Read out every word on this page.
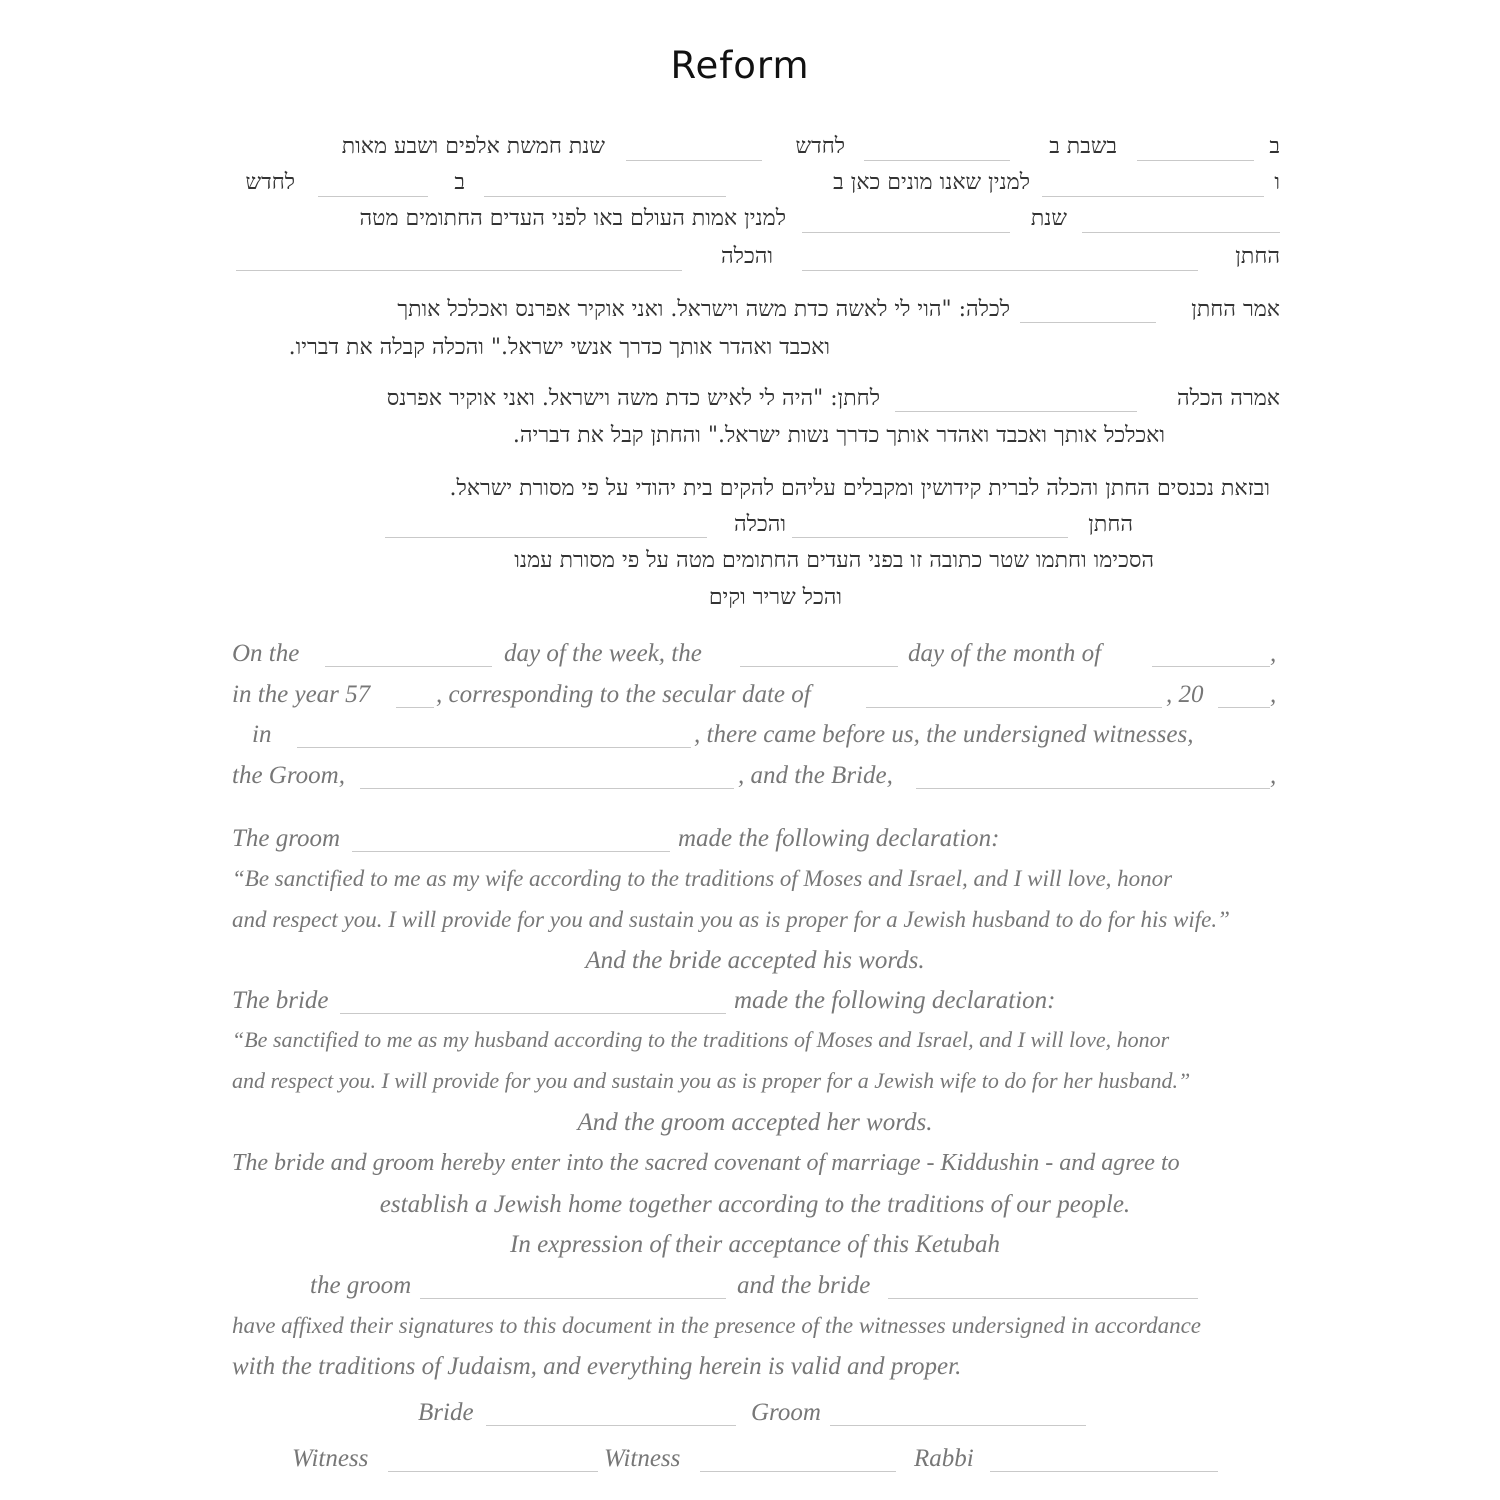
Reform
ב
בשבת ב
לחדש
שנת חמשת אלפים ושבע מאות
ו
למנין שאנו מונים כאן ב
ב
לחדש
שנת
למנין אמות העולם באו לפני העדים החתומים מטה
החתן
והכלה
אמר החתן
לכלה: "הוי לי לאשה כדת משה וישראל. ואני אוקיר אפרנס ואכלכל אותך
ואכבד ואהדר אותך כדרך אנשי ישראל." והכלה קבלה את דבריו.
אמרה הכלה
לחתן: "היה לי לאיש כדת משה וישראל. ואני אוקיר אפרנס
ואכלכל אותך ואכבד ואהדר אותך כדרך נשות ישראל." והחתן קבל את דבריה.
ובזאת נכנסים החתן והכלה לברית קידושין ומקבלים עליהם להקים בית יהודי על פי מסורת ישראל.
החתן
והכלה
הסכימו וחתמו שטר כתובה זו בפני העדים החתומים מטה על פי מסורת עמנו
והכל שריר וקים
On the	day of the week, the	day of the month of	,
in the year 57	, corresponding to the secular date of	, 20	,
in	, there came before us, the undersigned witnesses,
the Groom,	, and the Bride,	,
The groom	made the following declaration:
“Be sanctified to me as my wife according to the traditions of Moses and Israel, and I will love, honor
and respect you. I will provide for you and sustain you as is proper for a Jewish husband to do for his wife.”
And the bride accepted his words.
The bride	made the following declaration:
“Be sanctified to me as my husband according to the traditions of Moses and Israel, and I will love, honor
and respect you. I will provide for you and sustain you as is proper for a Jewish wife to do for her husband.”
And the groom accepted her words.
The bride and groom hereby enter into the sacred covenant of marriage - Kiddushin - and agree to
establish a Jewish home together according to the traditions of our people.
In expression of their acceptance of this Ketubah
the groom	and the bride
have affixed their signatures to this document in the presence of the witnesses undersigned in accordance
with the traditions of Judaism, and everything herein is valid and proper.
Bride	Groom
Witness	Witness	Rabbi
